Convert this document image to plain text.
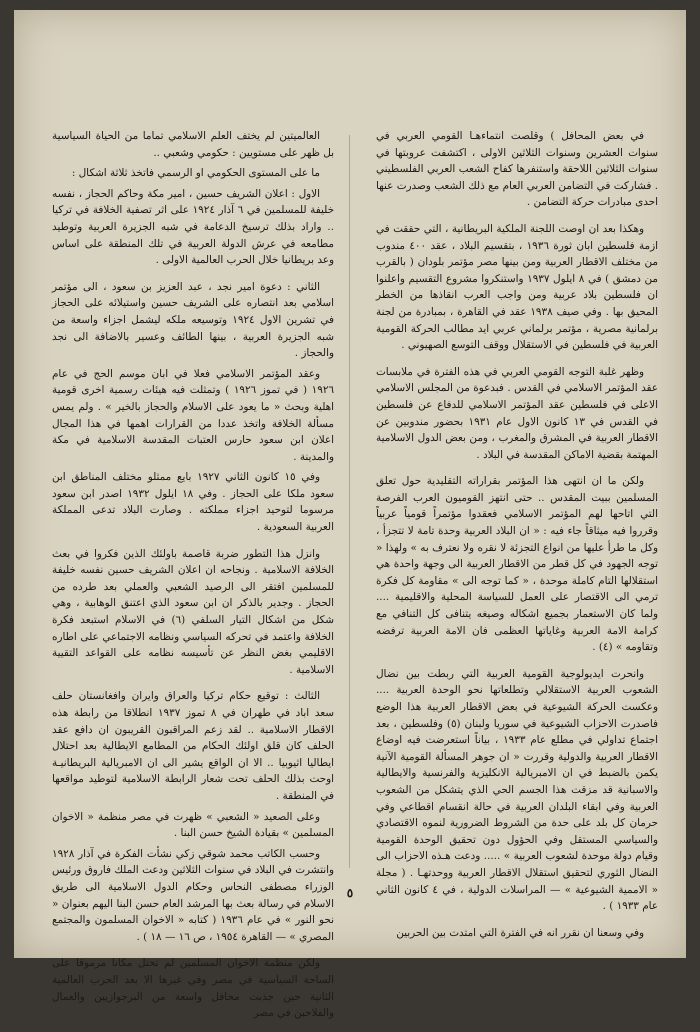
في بعض المحافل ) وقلصت انتماءهـا القومي العربي في سنوات العشرين وسنوات الثلاثين الاولى ، اكتشفت عروبتها في سنوات الثلاثين اللاحقة واستنفرها كفاح الشعب العربي الفلسطيني . فشاركت في التضامن العربي العام مع ذلك الشعب وصدرت عنها احدى مبادرات حركة التضامن .

وهكذا بعد ان اوصت اللجنة الملكية البريطانية ، التي حققت في ازمة فلسطين ابان ثورة ١٩٣٦ ، بتقسيم البلاد ، عقد ٤٠٠ مندوب من مختلف الاقطار العربية ومن بينها مصر مؤتمر بلودان ( بالقرب من دمشق ) في ٨ ايلول ١٩٣٧ واستنكروا مشروع التقسيم واعلنوا ان فلسطين بلاد عربية ومن واجب العرب انقاذها من الخطر المحيق بها . وفي صيف ١٩٣٨ عقد في القاهرة ، بمبادرة من لجنة برلمانية مصرية ، مؤتمر برلماني عربي ايد مطالب الحركة القومية العربية في فلسطين في الاستقلال ووقف التوسع الصهيوني .

وظهر غلبة التوجه القومي العربي في هذه الفترة في ملابسات عقد المؤتمر الاسلامي في القدس . فبدعوة من المجلس الاسلامي الاعلى في فلسطين عقد المؤتمر الاسلامي للدفاع عن فلسطين في القدس في ١٣ كانون الاول عام ١٩٣١ بحضور مندوبين عن الاقطار العربية في المشرق والمغرب ، ومن بعض الدول الاسلامية المهتمة بقضية الاماكن المقدسة في البلاد .

ولكن ما ان انتهى هذا المؤتمر بقراراته التقليدية حول تعلق المسلمين ببيت المقدس .. حتى انتهز القوميون العرب الفرصة التي اتاحها لهم المؤتمر الاسلامي فعقدوا مؤتمراً قومياً عربياً وقرروا فيه ميثاقاً جاء فيه : « ان البلاد العربية وحدة تامة لا تتجزأ ، وكل ما طرأ عليها من انواع التجزئة لا نقره ولا نعترف به » ولهذا « توجه الجهود في كل قطر من الاقطار العربية الى وجهة واحدة هي استقلالها التام كاملة موحدة ، « كما توجه الى » مقاومة كل فكرة ترمي الى الاقتصار على العمل للسياسة المحلية والاقليمية .... ولما كان الاستعمار بجميع اشكاله وصيغه يتنافى كل التنافي مع كرامة الامة العربية وغاياتها العظمى فان الامة العربية ترفضه وتقاومه » (٤) .

وانحرت ايديولوجية القومية العربية التي ربطت بين نضال الشعوب العربية الاستقلالي وتطلعاتها نحو الوحدة العربية .... وعكست الحركة الشيوعية في بعض الاقطار العربية هذا الوضع فاصدرت الاحزاب الشيوعية في سوريا ولبنان (٥) وفلسطين ، بعد اجتماع تداولي في مطلع عام ١٩٣٣ ، بياناً استعرضت فيه اوضاع الاقطار العربية والدولية وقررت « ان جوهر المسألة القومية الآنية يكمن بالضبط في ان الامبريالية الانكليزية والفرنسية والايطالية والاسبانية قد مزقت هذا الجسم الحي الذي يتشكل من الشعوب العربية وفي ابقاء البلدان العربية في حالة انقسام اقطاعي وفي حرمان كل بلد على حدة من الشروط الضرورية لنموه الاقتصادي والسياسي المستقل وفي الحؤول دون تحقيق الوحدة القومية وقيام دولة موحدة لشعوب العربية » ..... ودعت هـذه الاحزاب الى النضال الثوري لتحقيق استقلال الاقطار العربية ووحدتهـا . ( مجلة « الاممية الشيوعية » — المراسلات الدولية ، في ٤ كانون الثاني عام ١٩٣٣ ) .

وفي وسعنا ان نقرر انه في الفترة التي امتدت بين الحربين

العالميتين لم يختف العلم الاسلامي تماما من الحياة السياسية بل ظهر على مستويين : حكومي وشعبي ..

ما على المستوى الحكومي او الرسمي فاتخذ ثلاثة اشكال :

الاول : اعلان الشريف حسين ، امير مكة وحاكم الحجاز ، نفسه خليفة للمسلمين في ٦ آذار ١٩٢٤ على اثر تصفية الخلافة في تركيا .. واراد بذلك ترسيخ الدعامة في شبه الجزيرة العربية وتوطيد مطامعه في عرش الدولة العربية في تلك المنطقة على اساس وعد بريطانيا خلال الحرب العالمية الاولى .

الثاني : دعوة امير نجد ، عبد العزيز بن سعود ، الى مؤتمر اسلامي بعد انتصاره على الشريف حسين واستيلائه على الحجاز في تشرين الاول ١٩٢٤ وتوسيعه ملكه ليشمل اجزاء واسعة من شبه الجزيرة العربية ، بينها الطائف وعسير بالاضافة الى نجد والحجاز .

وعقد المؤتمر الاسلامي فعلا في ابان موسم الحج في عام ١٩٢٦ ( في تموز ١٩٢٦ ) وتمثلت فيه هيئات رسمية اخرى قومية اهلية وبحث « ما يعود على الاسلام والحجاز بالخير » . ولم يمس مسألة الخلافة واتخذ عددا من القرارات اهمها في هذا المجال اعلان ابن سعود حارس العتبات المقدسة الاسلامية في مكة والمدينة .

وفي ١٥ كانون الثاني ١٩٢٧ بايع ممثلو مختلف المناطق ابن سعود ملكا على الحجاز . وفي ١٨ ايلول ١٩٣٢ اصدر ابن سعود مرسوما لتوحيد اجزاء مملكته . وصارت البلاد تدعى المملكة العربية السعودية .

وانزل هذا التطور ضربة قاصمة باولئك الذين فكروا في بعث الخلافة الاسلامية . ونجاحه ان اعلان الشريف حسين نفسه خليفة للمسلمين افتقر الى الرصيد الشعبي والعملي بعد طرده من الحجاز . وجدير بالذكر ان ابن سعود الذي اعتنق الوهابية ، وهي شكل من اشكال التيار السلفي (٦) في الاسلام استبعد فكرة الخلافة واعتمد في تحركه السياسي ونظامه الاجتماعي على اطاره الاقليمي بغض النظر عن تأسيسه نظامه على القواعد التقيية الاسلامية .

الثالث : توقيع حكام تركيا والعراق وايران وافغانستان حلف سعد اباد في طهران في ٨ تموز ١٩٣٧ انطلاقا من رابطة هذه الاقطار الاسلامية .. لقد زعم المراقبون القريبون ان دافع عقد الحلف كان قلق اولئك الحكام من المطامع الايطالية بعد احتلال ايطاليا اثيوبيا .. الا ان الواقع يشير الى ان الامبريالية البريطانيـة اوحت بذلك الحلف تحت شعار الرابطة الاسلامية لتوطيد مواقعها في المنطقة .

وعلى الصعيد « الشعبي » ظهرت في مصر منظمة « الاخوان المسلمين » بقيادة الشيخ حسن البنا .

وحسب الكاتب محمد شوقي زكي نشأت الفكرة في آذار ١٩٢٨ وانتشرت في البلاد في سنوات الثلاثين ودعت الملك فاروق ورئيس الوزراء مصطفى النحاس وحكام الدول الاسلامية الى طريق الاسلام في رسالة بعث بها المرشد العام حسن البنا اليهم بعنوان « نحو النور » في عام ١٩٣٦ ( كتابه « الاخوان المسلمون والمجتمع المصري » — القاهرة ١٩٥٤ ، ص ١٦ — ١٨ ) .

ولكن منظمة الاخوان المسلمين لم تحتل مكانا مرموقا على الساحة السياسية في مصر وفي غيرها الا بعد الحرب العالمية الثانية حين جذبت محافل واسعة من البرجوازيين والعمال والفلاحين في مصر

٥
